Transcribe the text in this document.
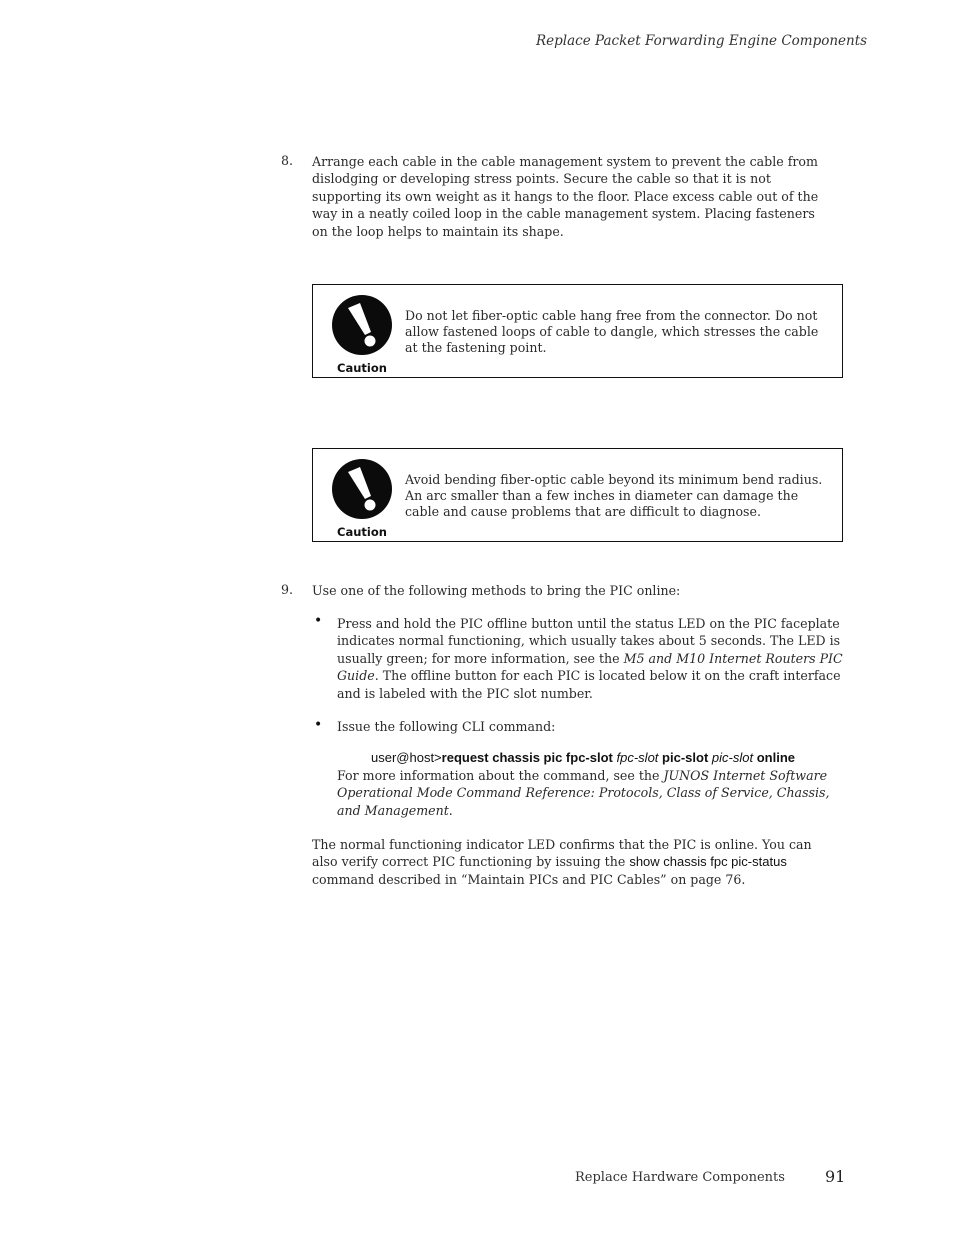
Replace Packet Forwarding Engine Components
8. Arrange each cable in the cable management system to prevent the cable from dislodging or developing stress points. Secure the cable so that it is not supporting its own weight as it hangs to the floor. Place excess cable out of the way in a neatly coiled loop in the cable management system. Placing fasteners on the loop helps to maintain its shape.
Caution
Do not let fiber-optic cable hang free from the connector. Do not allow fastened loops of cable to dangle, which stresses the cable at the fastening point.
Caution
Avoid bending fiber-optic cable beyond its minimum bend radius. An arc smaller than a few inches in diameter can damage the cable and cause problems that are difficult to diagnose.
9. Use one of the following methods to bring the PIC online:
• Press and hold the PIC offline button until the status LED on the PIC faceplate indicates normal functioning, which usually takes about 5 seconds. The LED is usually green; for more information, see the M5 and M10 Internet Routers PIC Guide. The offline button for each PIC is located below it on the craft interface and is labeled with the PIC slot number.
• Issue the following CLI command:
user@host>request chassis pic fpc-slot fpc-slot pic-slot pic-slot online
For more information about the command, see the JUNOS Internet Software Operational Mode Command Reference: Protocols, Class of Service, Chassis, and Management.
The normal functioning indicator LED confirms that the PIC is online. You can also verify correct PIC functioning by issuing the show chassis fpc pic-status command described in “Maintain PICs and PIC Cables” on page 76.
Replace Hardware Components	91
